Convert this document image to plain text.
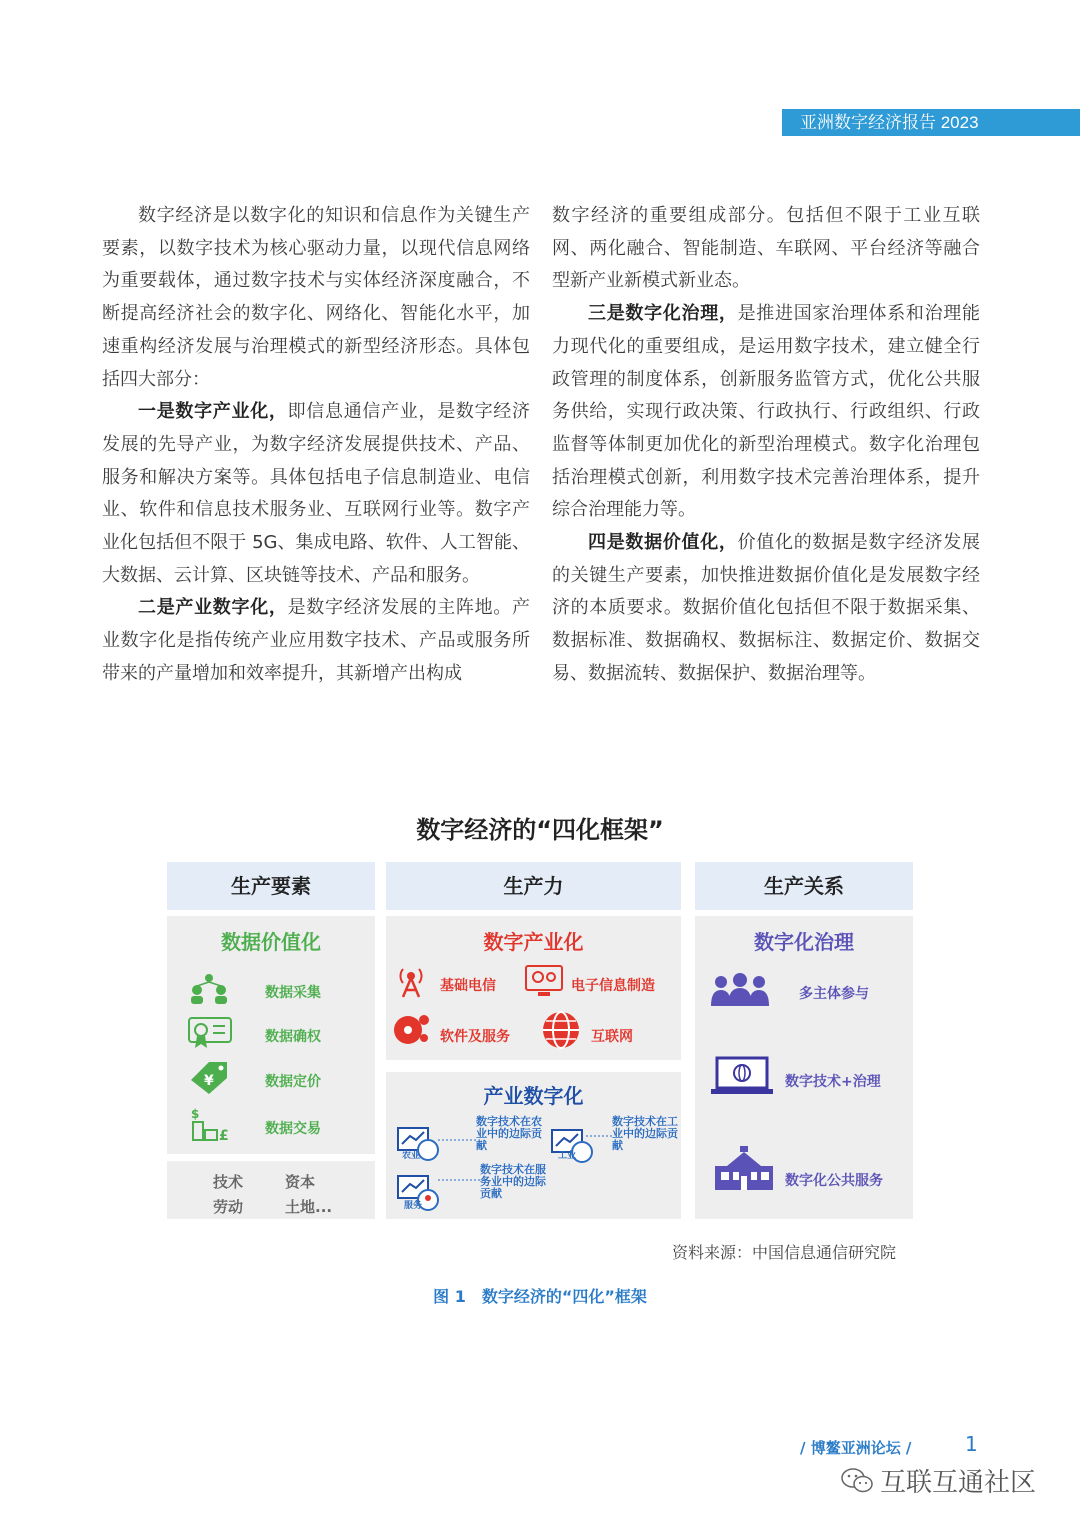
亚洲数字经济报告 2023

数字经济是以数字化的知识和信息作为关键生产要素，以数字技术为核心驱动力量，以现代信息网络为重要载体，通过数字技术与实体经济深度融合，不断提高经济社会的数字化、网络化、智能化水平，加速重构经济发展与治理模式的新型经济形态。具体包括四大部分：

一是数字产业化，即信息通信产业，是数字经济发展的先导产业，为数字经济发展提供技术、产品、服务和解决方案等。具体包括电子信息制造业、电信业、软件和信息技术服务业、互联网行业等。数字产业化包括但不限于 5G、集成电路、软件、人工智能、大数据、云计算、区块链等技术、产品和服务。

二是产业数字化，是数字经济发展的主阵地。产业数字化是指传统产业应用数字技术、产品或服务所带来的产量增加和效率提升，其新增产出构成

数字经济的重要组成部分。包括但不限于工业互联网、两化融合、智能制造、车联网、平台经济等融合型新产业新模式新业态。

三是数字化治理，是推进国家治理体系和治理能力现代化的重要组成，是运用数字技术，建立健全行政管理的制度体系，创新服务监管方式，优化公共服务供给，实现行政决策、行政执行、行政组织、行政监督等体制更加优化的新型治理模式。数字化治理包括治理模式创新，利用数字技术完善治理体系，提升综合治理能力等。

四是数据价值化，价值化的数据是数字经济发展的关键生产要素，加快推进数据价值化是发展数字经济的本质要求。数据价值化包括但不限于数据采集、数据标准、数据确权、数据标注、数据定价、数据交易、数据流转、数据保护、数据治理等。

数字经济的“四化框架”
生产要素	生产力	生产关系
数据价值化
数据采集
数据确权
¥	数据定价
$
£	数据交易
技术	资本
劳动	土地...
数字产业化
基础电信	电子信息制造
软件及服务	互联网
产业数字化
农业
数字技术在农业中的边际贡献
工业
数字技术在工业中的边际贡献
服务
数字技术在服务业中的边际贡献
数字化治理
多主体参与
数字技术+治理
数字化公共服务
资料来源：中国信息通信研究院
图 1　数字经济的“四化”框架
/ 博鳌亚洲论坛 /	1
互联互通社区
